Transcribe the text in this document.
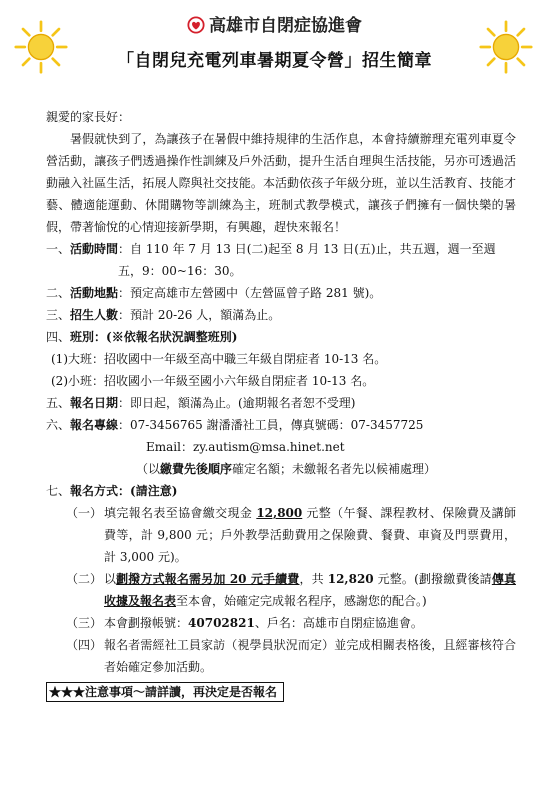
高雄市自閉症協進會
「自閉兒充電列車暑期夏令營」招生簡章

親愛的家長好：

暑假就快到了，為讓孩子在暑假中維持規律的生活作息，本會持續辦理充電列車夏令營活動，讓孩子們透過操作性訓練及戶外活動，提升生活自理與生活技能，另亦可透過活動融入社區生活，拓展人際與社交技能。本活動依孩子年級分班，並以生活教育、技能才藝、體適能運動、休閒購物等訓練為主，班制式教學模式，讓孩子們擁有一個快樂的暑假，帶著愉悅的心情迎接新學期，有興趣，趕快來報名！

一、活動時間：自 110 年 7 月 13 日(二)起至 8 月 13 日(五)止，共五週，週一至週五，9：00~16：30。

二、活動地點：預定高雄市左營國中（左營區曾子路 281 號)。

三、招生人數：預計 20-26 人，額滿為止。

四、班別：(※依報名狀況調整班別)

(1)大班：招收國中一年級至高中職三年級自閉症者 10-13 名。

(2)小班：招收國小一年級至國小六年級自閉症者 10-13 名。

五、報名日期：即日起，額滿為止。(逾期報名者恕不受理)

六、報名專線：07-3456765 謝潘潘社工員，傳真號碼：07-3457725

Email：zy.autism@msa.hinet.net

（以繳費先後順序確定名額；未繳報名者先以候補處理）

七、報名方式：(請注意)

（一） 填完報名表至協會繳交現金 12,800 元整（午餐、課程教材、保險費及講師費等，計 9,800 元；戶外教學活動費用之保險費、餐費、車資及門票費用，計 3,000 元)。
（二） 以劃撥方式報名需另加 20 元手續費，共 12,820 元整。(劃撥繳費後請傳真收據及報名表至本會，始確定完成報名程序，感謝您的配合。)
（三） 本會劃撥帳號：40702821、戶名：高雄市自閉症協進會。
（四） 報名者需經社工員家訪（視學員狀況而定）並完成相關表格後，且經審核符合者始確定參加活動。
★★★注意事項～請詳讀，再決定是否報名
